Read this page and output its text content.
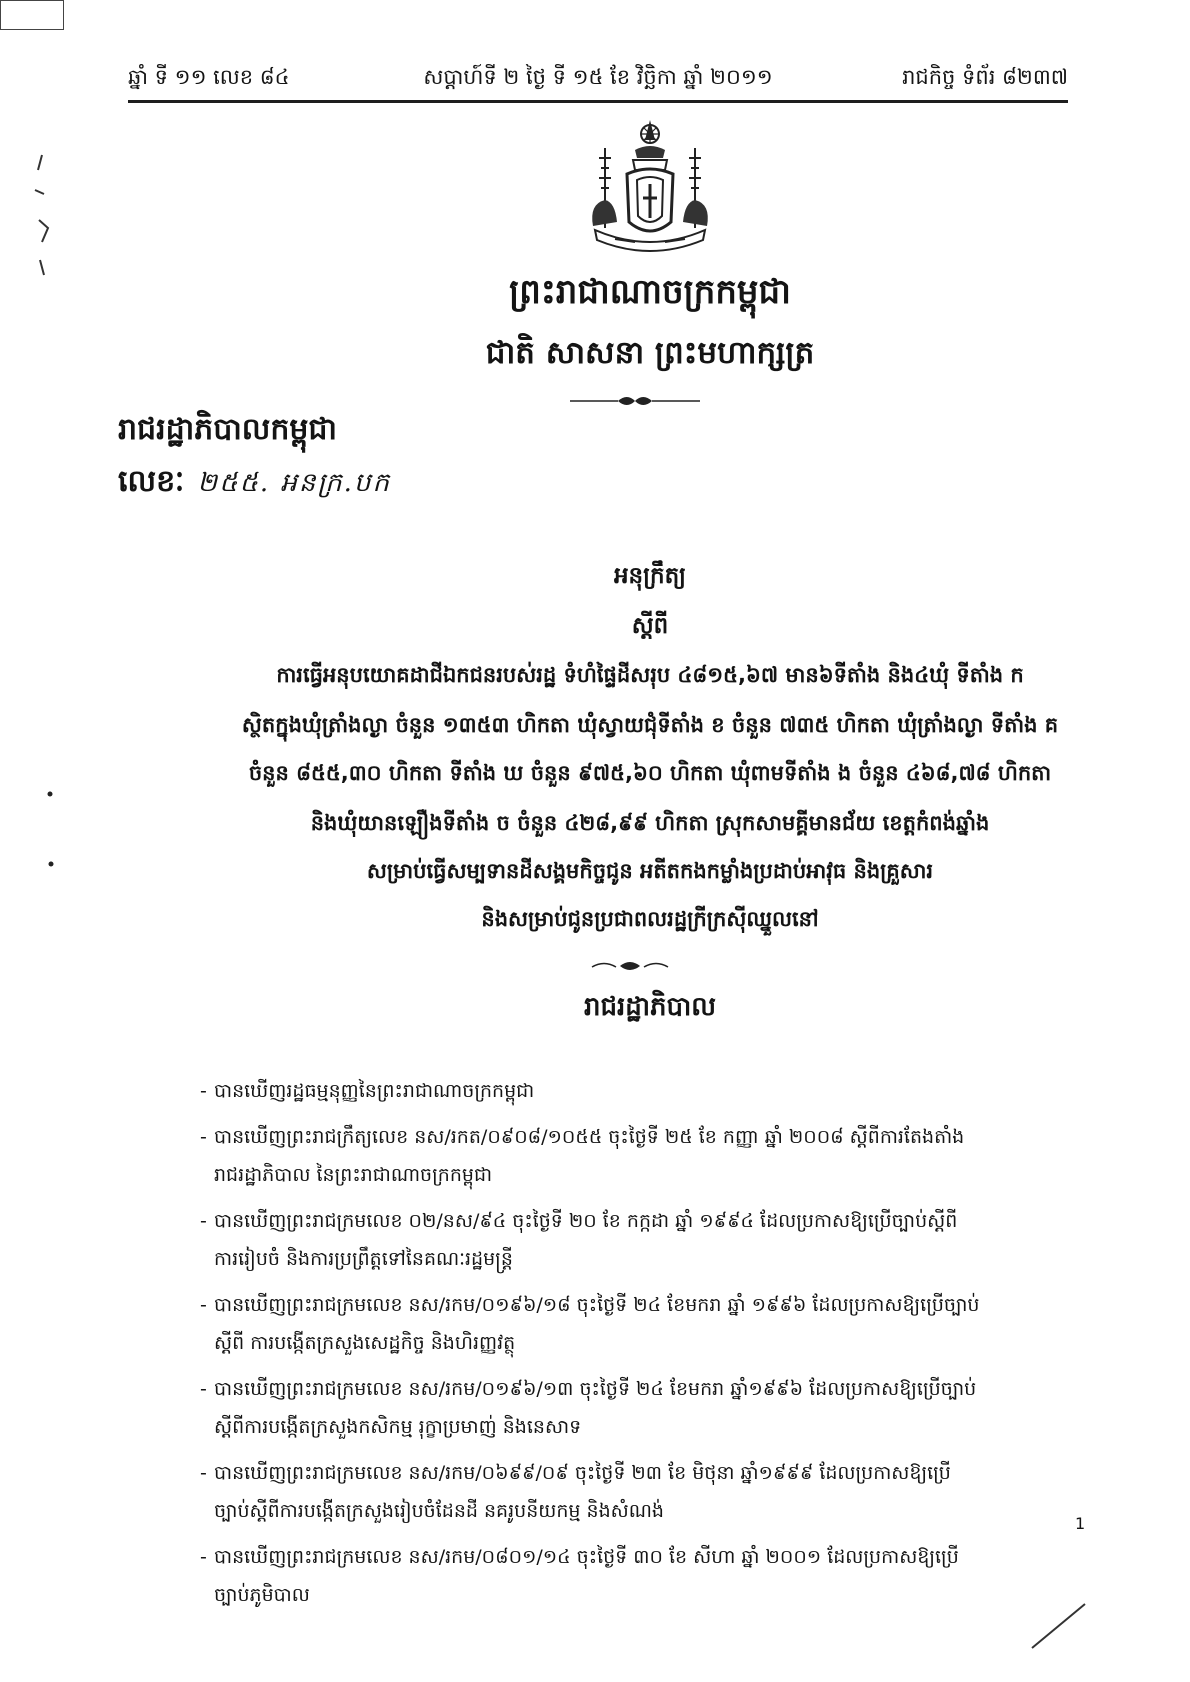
ឆ្នាំ ទី ១១ លេខ ៨៤	សប្ដាហ៍ទី ២ ថ្ងៃ ទី ១៥ ខែ វិច្ឆិកា ឆ្នាំ ២០១១	រាជកិច្ច ទំព័រ ៨២៣៧
ព្រះរាជាណាចក្រកម្ពុជា
ជាតិ សាសនា ព្រះមហាក្សត្រ
រាជរដ្ឋាភិបាលកម្ពុជា
លេខៈ ២៥៥. អនក្រ.បក
អនុក្រឹត្យ
ស្ដីពី
ការធ្វើអនុបយោគដាជីឯកជនរបស់រដ្ឋ ទំហំផ្ទៃដីសរុប ៤៨១៥,៦៧ មាន៦ទីតាំង និង៤ឃុំ ទីតាំង ក
ស្ថិតក្នុងឃុំត្រាំងល្ងា ចំនួន ១៣៥៣ ហិកតា ឃុំស្វាយជុំទីតាំង ខ ចំនួន ៧៣៥ ហិកតា ឃុំត្រាំងល្ងា ទីតាំង គ
ចំនួន ៨៥៥,៣០ ហិកតា ទីតាំង ឃ ចំនួន ៩៧៥,៦០ ហិកតា ឃុំពាមទីតាំង ង ចំនួន ៤៦៨,៧៨ ហិកតា
និងឃុំយានឡឿងទីតាំង ច ចំនួន ៤២៨,៩៩ ហិកតា ស្រុកសាមគ្គីមានជ័យ ខេត្តកំពង់ឆ្នាំង
សម្រាប់ធ្វើសម្បទានដីសង្គមកិច្ចជូន អតីតកងកម្លាំងប្រដាប់អាវុធ និងគ្រួសារ
និងសម្រាប់ជូនប្រជាពលរដ្ឋក្រីក្រស៊ីឈ្នួលនៅ
រាជរដ្ឋាភិបាល
- បានឃើញរដ្ឋធម្មនុញ្ញនៃព្រះរាជាណាចក្រកម្ពុជា
- បានឃើញព្រះរាជក្រឹត្យលេខ នស/រកត/០៩០៨/១០៥៥ ចុះថ្ងៃទី ២៥ ខែ កញ្ញា ឆ្នាំ ២០០៨ ស្ដីពីការតែងតាំង
រាជរដ្ឋាភិបាល នៃព្រះរាជាណាចក្រកម្ពុជា
- បានឃើញព្រះរាជក្រមលេខ ០២/នស/៩៤ ចុះថ្ងៃទី ២០ ខែ កក្កដា ឆ្នាំ ១៩៩៤ ដែលប្រកាសឱ្យប្រើច្បាប់ស្ដីពី
ការរៀបចំ និងការប្រព្រឹត្តទៅនៃគណៈរដ្ឋមន្ត្រី
- បានឃើញព្រះរាជក្រមលេខ នស/រកម/០១៩៦/១៨ ចុះថ្ងៃទី ២៤ ខែមករា ឆ្នាំ ១៩៩៦ ដែលប្រកាសឱ្យប្រើច្បាប់
ស្ដីពី ការបង្កើតក្រសួងសេដ្ឋកិច្ច និងហិរញ្ញវត្ថុ
- បានឃើញព្រះរាជក្រមលេខ នស/រកម/០១៩៦/១៣ ចុះថ្ងៃទី ២៤ ខែមករា ឆ្នាំ១៩៩៦ ដែលប្រកាសឱ្យប្រើច្បាប់
ស្ដីពីការបង្កើតក្រសួងកសិកម្ម រុក្ខាប្រមាញ់ និងនេសាទ
- បានឃើញព្រះរាជក្រមលេខ នស/រកម/០៦៩៩/០៩ ចុះថ្ងៃទី ២៣ ខែ មិថុនា ឆ្នាំ១៩៩៩ ដែលប្រកាសឱ្យប្រើ
ច្បាប់ស្ដីពីការបង្កើតក្រសួងរៀបចំដែនដី នគរូបនីយកម្ម និងសំណង់
- បានឃើញព្រះរាជក្រមលេខ នស/រកម/០៨០១/១៤ ចុះថ្ងៃទី ៣០ ខែ សីហា ឆ្នាំ ២០០១ ដែលប្រកាសឱ្យប្រើ
ច្បាប់ភូមិបាល
1
